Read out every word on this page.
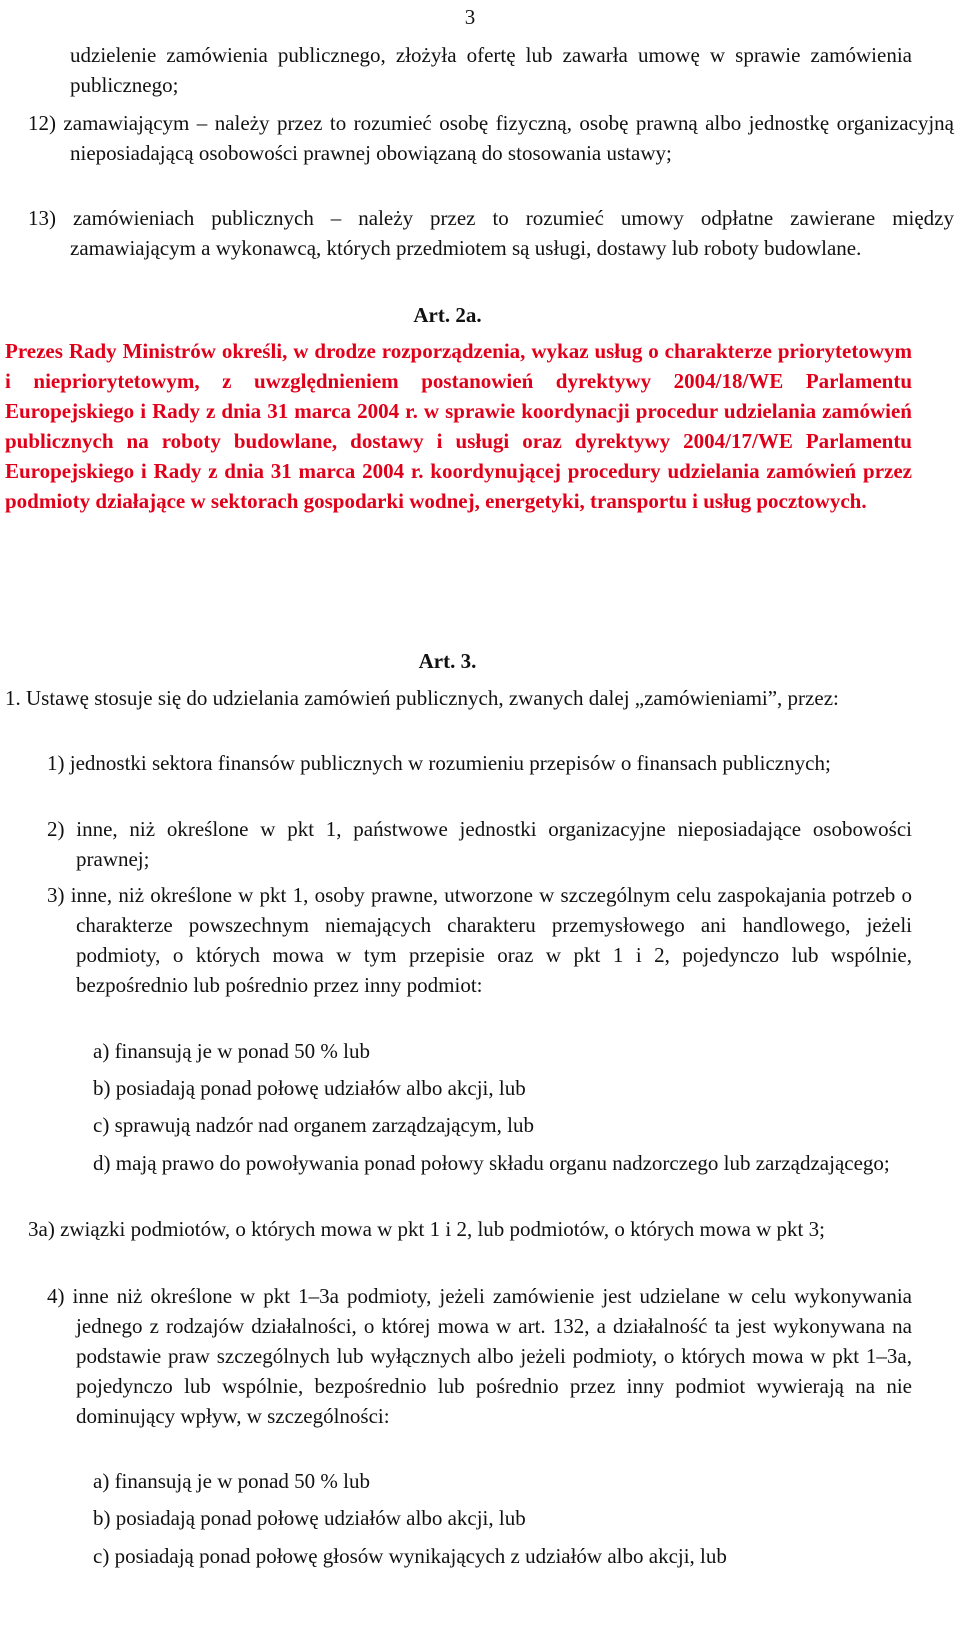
3
udzielenie zamówienia publicznego, złożyła ofertę lub zawarła umowę w sprawie zamówienia publicznego;
12) zamawiającym – należy przez to rozumieć osobę fizyczną, osobę prawną albo jednostkę organizacyjną nieposiadającą osobowości prawnej obowiązaną do stosowania ustawy;
13) zamówieniach publicznych – należy przez to rozumieć umowy odpłatne zawierane między zamawiającym a wykonawcą, których przedmiotem są usługi, dostawy lub roboty budowlane.
Art. 2a.
Prezes Rady Ministrów określi, w drodze rozporządzenia, wykaz usług o charakterze priorytetowym i niepriorytetowym, z uwzględnieniem postanowień dyrektywy 2004/18/WE Parlamentu Europejskiego i Rady z dnia 31 marca 2004 r. w sprawie koordynacji procedur udzielania zamówień publicznych na roboty budowlane, dostawy i usługi oraz dyrektywy 2004/17/WE Parlamentu Europejskiego i Rady z dnia 31 marca 2004 r. koordynującej procedury udzielania zamówień przez podmioty działające w sektorach gospodarki wodnej, energetyki, transportu i usług pocztowych.
Art. 3.
1. Ustawę stosuje się do udzielania zamówień publicznych, zwanych dalej „zamówieniami”, przez:
1) jednostki sektora finansów publicznych w rozumieniu przepisów o finansach publicznych;
2) inne, niż określone w pkt 1, państwowe jednostki organizacyjne nieposiadające osobowości prawnej;
3) inne, niż określone w pkt 1, osoby prawne, utworzone w szczególnym celu zaspokajania potrzeb o charakterze powszechnym niemających charakteru przemysłowego ani handlowego, jeżeli podmioty, o których mowa w tym przepisie oraz w pkt 1 i 2, pojedynczo lub wspólnie, bezpośrednio lub pośrednio przez inny podmiot:
a) finansują je w ponad 50 % lub
b) posiadają ponad połowę udziałów albo akcji, lub
c) sprawują nadzór nad organem zarządzającym, lub
d) mają prawo do powoływania ponad połowy składu organu nadzorczego lub zarządzającego;
3a) związki podmiotów, o których mowa w pkt 1 i 2, lub podmiotów, o których mowa w pkt 3;
4) inne niż określone w pkt 1–3a podmioty, jeżeli zamówienie jest udzielane w celu wykonywania jednego z rodzajów działalności, o której mowa w art. 132, a działalność ta jest wykonywana na podstawie praw szczególnych lub wyłącznych albo jeżeli podmioty, o których mowa w pkt 1–3a, pojedynczo lub wspólnie, bezpośrednio lub pośrednio przez inny podmiot wywierają na nie dominujący wpływ, w szczególności:
a) finansują je w ponad 50 % lub
b) posiadają ponad połowę udziałów albo akcji, lub
c) posiadają ponad połowę głosów wynikających z udziałów albo akcji, lub
